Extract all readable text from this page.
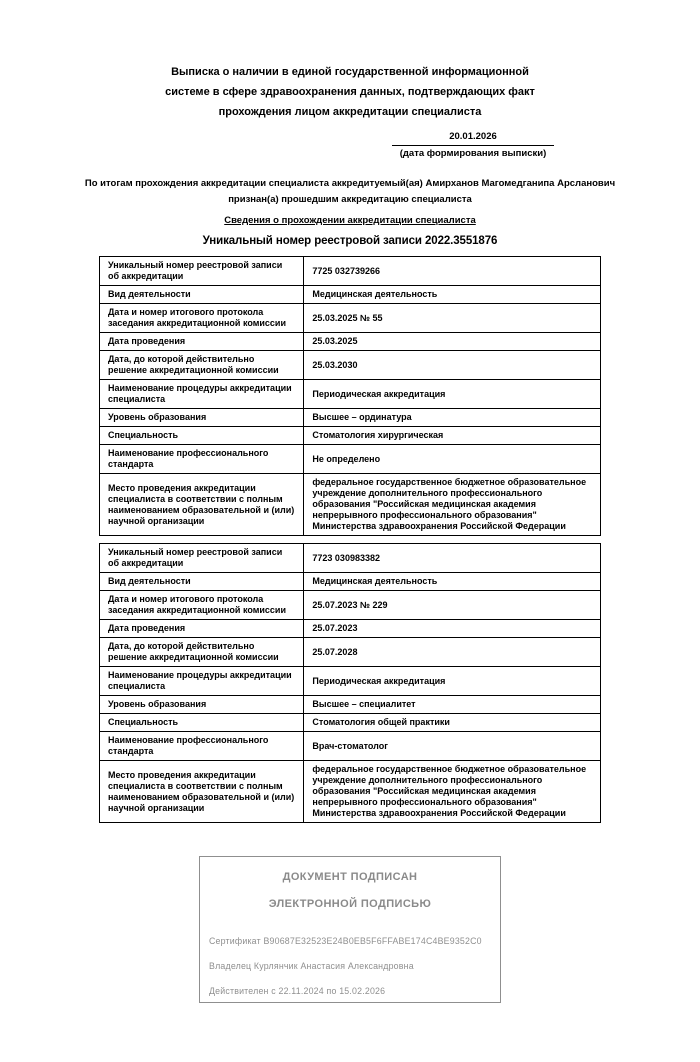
Выписка о наличии в единой государственной информационной
системе в сфере здравоохранения данных, подтверждающих факт
прохождения лицом аккредитации специалиста
20.01.2026
(дата формирования выписки)
По итогам прохождения аккредитации специалиста аккредитуемый(ая) Амирханов Магомедганипа Арсланович
признан(а) прошедшим аккредитацию специалиста
Сведения о прохождении аккредитации специалиста
Уникальный номер реестровой записи 2022.3551876
Уникальный номер реестровой записи об аккредитации	7725 032739266
Вид деятельности	Медицинская деятельность
Дата и номер итогового протокола заседания аккредитационной комиссии	25.03.2025 № 55
Дата проведения	25.03.2025
Дата, до которой действительно решение аккредитационной комиссии	25.03.2030
Наименование процедуры аккредитации специалиста	Периодическая аккредитация
Уровень образования	Высшее – ординатура
Специальность	Стоматология хирургическая
Наименование профессионального стандарта	Не определено
Место проведения аккредитации специалиста в соответствии с полным наименованием образовательной и (или) научной организации	федеральное государственное бюджетное образовательное учреждение дополнительного профессионального образования "Российская медицинская академия непрерывного профессионального образования" Министерства здравоохранения Российской Федерации
Уникальный номер реестровой записи об аккредитации	7723 030983382
Вид деятельности	Медицинская деятельность
Дата и номер итогового протокола заседания аккредитационной комиссии	25.07.2023 № 229
Дата проведения	25.07.2023
Дата, до которой действительно решение аккредитационной комиссии	25.07.2028
Наименование процедуры аккредитации специалиста	Периодическая аккредитация
Уровень образования	Высшее – специалитет
Специальность	Стоматология общей практики
Наименование профессионального стандарта	Врач-стоматолог
Место проведения аккредитации специалиста в соответствии с полным наименованием образовательной и (или) научной организации	федеральное государственное бюджетное образовательное учреждение дополнительного профессионального образования "Российская медицинская академия непрерывного профессионального образования" Министерства здравоохранения Российской Федерации
ДОКУМЕНТ ПОДПИСАН
ЭЛЕКТРОННОЙ ПОДПИСЬЮ
Сертификат B90687E32523E24B0EB5F6FFABE174C4BE9352C0
Владелец Курлянчик Анастасия Александровна
Действителен с 22.11.2024 по 15.02.2026
